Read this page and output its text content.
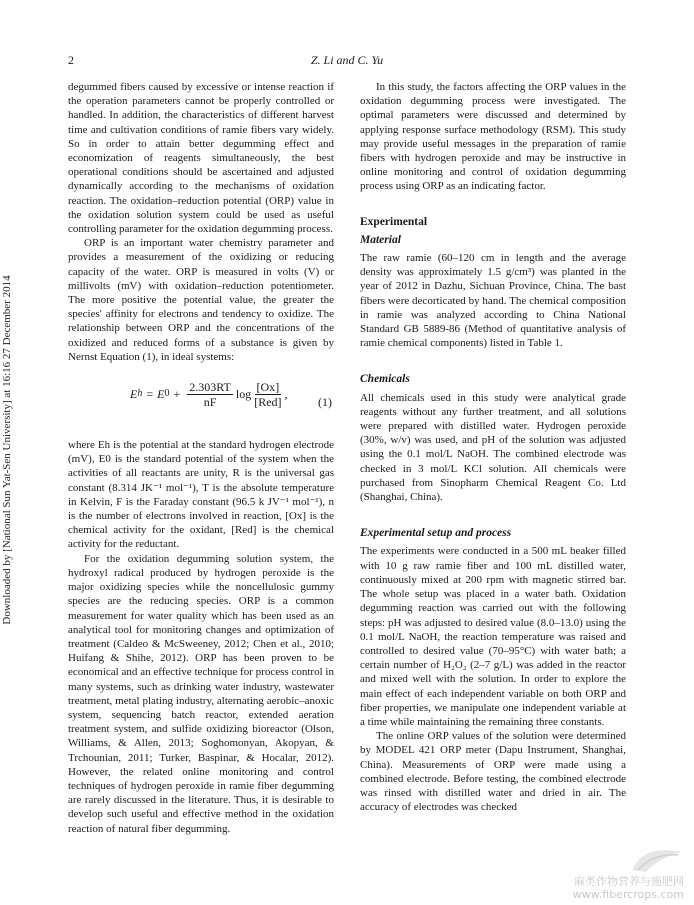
2	Z. Li and C. Yu
Downloaded by [National Sun Yat-Sen University] at 16:16 27 December 2014

degummed fibers caused by excessive or intense reaction if the operation parameters cannot be properly controlled or handled. In addition, the characteristics of different harvest time and cultivation conditions of ramie fibers vary widely. So in order to attain better degumming effect and economization of reagents simultaneously, the best operational conditions should be ascertained and adjusted dynamically according to the mechanisms of oxidation reaction. The oxidation–reduction potential (ORP) value in the oxidation solution system could be used as useful controlling parameter for the oxidation degumming process.

ORP is an important water chemistry parameter and provides a measurement of the oxidizing or reducing capacity of the water. ORP is measured in volts (V) or millivolts (mV) with oxidation–reduction potentiometer. The more positive the potential value, the greater the species' affinity for electrons and tendency to oxidize. The relationship between ORP and the concentrations of the oxidized and reduced forms of a substance is given by Nernst Equation (1), in ideal systems:

E h = E $0 + \frac{2.303RT}{nF}$ $\log \frac{[Ox]}{\text{[Red]}}$ ,
(1)

where Eh is the potential at the standard hydrogen electrode (mV), E0 is the standard potential of the system when the activities of all reactants are unity, R is the universal gas constant (8.314 JK⁻¹ mol⁻¹), T is the absolute temperature in Kelvin, F is the Faraday constant (96.5 k JV⁻¹ mol⁻¹), n is the number of electrons involved in reaction, [Ox] is the chemical activity for the oxidant, [Red] is the chemical activity for the reductant.

For the oxidation degumming solution system, the hydroxyl radical produced by hydrogen peroxide is the major oxidizing species while the noncellulosic gummy species are the reducing species. ORP is a common measurement for water quality which has been used as an analytical tool for monitoring changes and optimization of treatment (Caldeo & McSweeney, 2012; Chen et al., 2010; Huifang & Shihe, 2012). ORP has been proven to be economical and an effective technique for process control in many systems, such as drinking water industry, wastewater treatment, metal plating industry, alternating aerobic–anoxic system, sequencing batch reactor, extended aeration treatment system, and sulfide oxidizing bioreactor (Olson, Williams, & Allen, 2013; Soghomonyan, Akopyan, & Trchounian, 2011; Turker, Baspinar, & Hocalar, 2012). However, the related online monitoring and control techniques of hydrogen peroxide in ramie fiber degumming are rarely discussed in the literature. Thus, it is desirable to develop such useful and effective method in the oxidation reaction of natural fiber degumming.

In this study, the factors affecting the ORP values in the oxidation degumming process were investigated. The optimal parameters were discussed and determined by applying response surface methodology (RSM). This study may provide useful messages in the preparation of ramie fibers with hydrogen peroxide and may be instructive in online monitoring and control of oxidation degumming process using ORP as an indicating factor.

Experimental
Material

The raw ramie (60–120 cm in length and the average density was approximately 1.5 g/cm³) was planted in the year of 2012 in Dazhu, Sichuan Province, China. The bast fibers were decorticated by hand. The chemical composition in ramie was analyzed according to China National Standard GB 5889-86 (Method of quantitative analysis of ramie chemical components) listed in Table 1.

Chemicals

All chemicals used in this study were analytical grade reagents without any further treatment, and all solutions were prepared with distilled water. Hydrogen peroxide (30%, w/v) was used, and pH of the solution was adjusted using the 0.1 mol/L NaOH. The combined electrode was checked in 3 mol/L KCl solution. All chemicals were purchased from Sinopharm Chemical Reagent Co. Ltd (Shanghai, China).

Experimental setup and process

The experiments were conducted in a 500 mL beaker filled with 10 g raw ramie fiber and 100 mL distilled water, continuously mixed at 200 rpm with magnetic stirred bar. The whole setup was placed in a water bath. Oxidation degumming reaction was carried out with the following steps: pH was adjusted to desired value (8.0–13.0) using the 0.1 mol/L NaOH, the reaction temperature was raised and controlled to desired value (70–95°C) with water bath; a certain number of H₂O₂ (2–7 g/L) was added in the reactor and mixed well with the solution. In order to explore the main effect of each independent variable on both ORP and fiber properties, we manipulate one independent variable at a time while maintaining the remaining three constants.

The online ORP values of the solution were determined by MODEL 421 ORP meter (Dapu Instrument, Shanghai, China). Measurements of ORP were made using a combined electrode. Before testing, the combined electrode was rinsed with distilled water and dried in air. The accuracy of electrodes was checked

麻类作物营养与施肥网
www.fibercrops.com
